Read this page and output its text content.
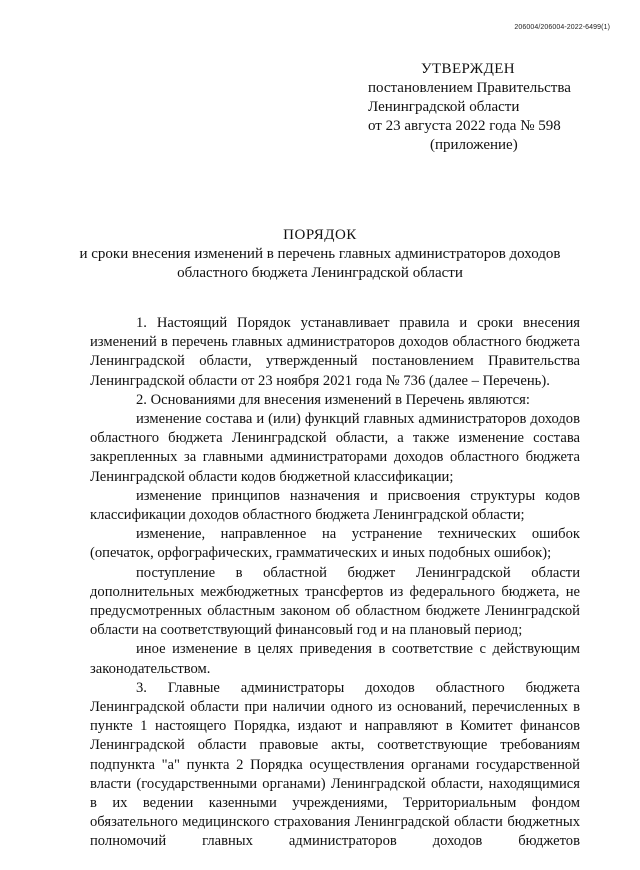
206004/206004-2022-6499(1)
УТВЕРЖДЕН
постановлением Правительства
Ленинградской области
от 23 августа 2022 года № 598
(приложение)
ПОРЯДОК
и сроки внесения изменений в перечень главных администраторов доходов
областного бюджета Ленинградской области

1. Настоящий Порядок устанавливает правила и сроки внесения изменений в перечень главных администраторов доходов областного бюджета Ленинградской области, утвержденный постановлением Правительства Ленинградской области от 23 ноября 2021 года № 736 (далее – Перечень).

2. Основаниями для внесения изменений в Перечень являются:

изменение состава и (или) функций главных администраторов доходов областного бюджета Ленинградской области, а также изменение состава закрепленных за главными администраторами доходов областного бюджета Ленинградской области кодов бюджетной классификации;

изменение принципов назначения и присвоения структуры кодов классификации доходов областного бюджета Ленинградской области;

изменение, направленное на устранение технических ошибок (опечаток, орфографических, грамматических и иных подобных ошибок);

поступление в областной бюджет Ленинградской области дополнительных межбюджетных трансфертов из федерального бюджета, не предусмотренных областным законом об областном бюджете Ленинградской области на соответствующий финансовый год и на плановый период;

иное изменение в целях приведения в соответствие с действующим законодательством.

3. Главные администраторы доходов областного бюджета Ленинградской области при наличии одного из оснований, перечисленных в пункте 1 настоящего Порядка, издают и направляют в Комитет финансов Ленинградской области правовые акты, соответствующие требованиям подпункта "а" пункта 2 Порядка осуществления органами государственной власти (государственными органами) Ленинградской области, находящимися в их ведении казенными учреждениями, Территориальным фондом обязательного медицинского страхования Ленинградской области бюджетных полномочий главных администраторов доходов бюджетов
